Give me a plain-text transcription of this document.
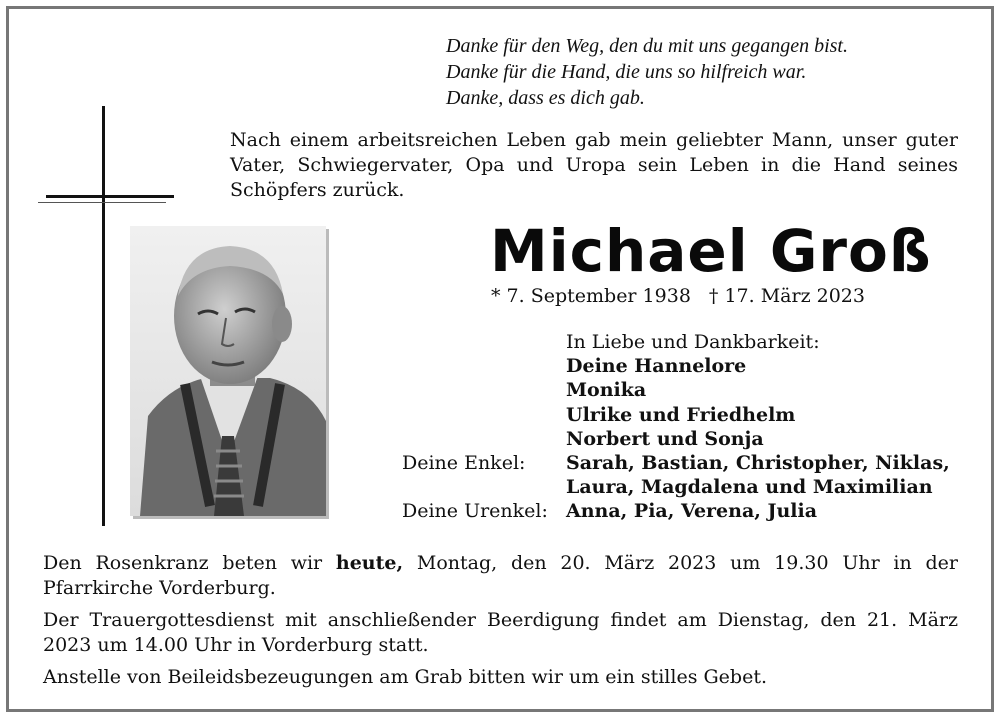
Danke für den Weg, den du mit uns gegangen bist.
Danke für die Hand, die uns so hilfreich war.
Danke, dass es dich gab.
Nach einem arbeitsreichen Leben gab mein geliebter Mann, unser guter Vater, Schwiegervater, Opa und Uropa sein Leben in die Hand seines Schöpfers zurück.
Michael Groß
* 7. September 1938 † 17. März 2023
In Liebe und Dankbarkeit:
Deine Hannelore
Monika
Ulrike und Friedhelm
Norbert und Sonja
Deine Enkel:	Sarah, Bastian, Christopher, Niklas,
Laura, Magdalena und Maximilian
Deine Urenkel: Anna, Pia, Verena, Julia

Den Rosenkranz beten wir heute, Montag, den 20. März 2023 um 19.30 Uhr in der Pfarrkirche Vorderburg.

Der Trauergottesdienst mit anschließender Beerdigung findet am Dienstag, den 21. März 2023 um 14.00 Uhr in Vorderburg statt.

Anstelle von Beileidsbezeugungen am Grab bitten wir um ein stilles Gebet.
